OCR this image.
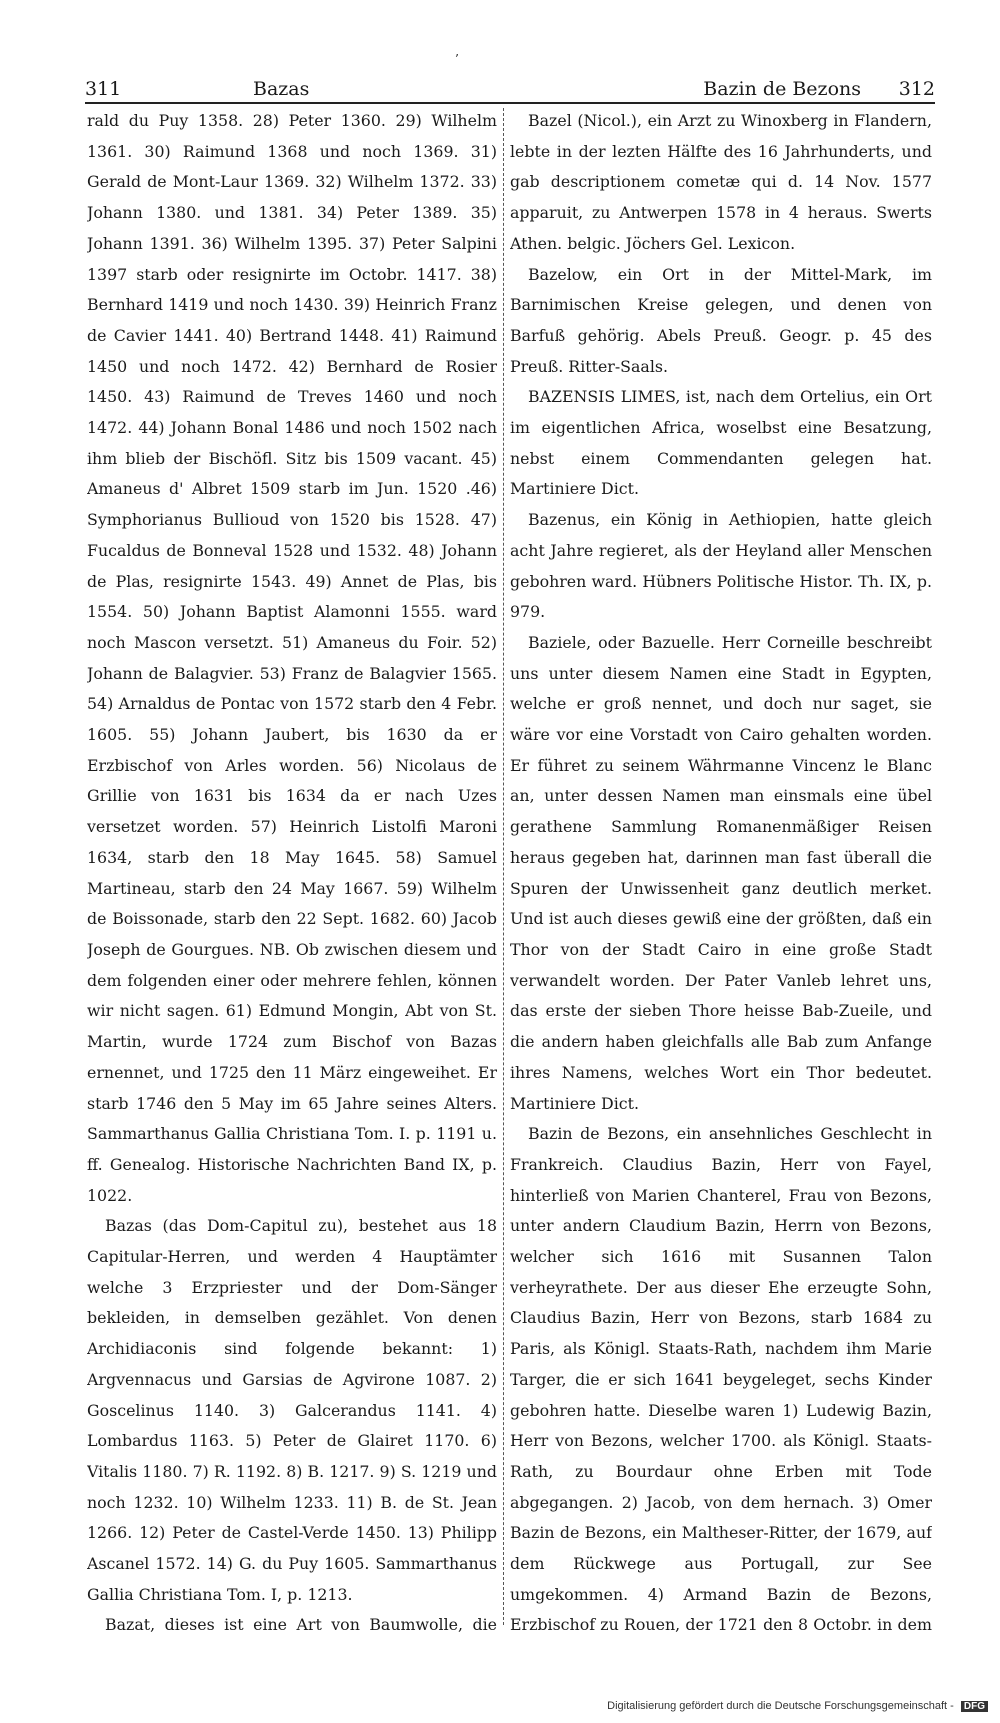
’
311	Bazas	Bazin de Bezons 312

rald du Puy 1358. 28) Peter 1360. 29) Wilhelm 1361. 30) Raimund 1368 und noch 1369. 31) Gerald de Mont-Laur 1369. 32) Wilhelm 1372. 33) Johann 1380. und 1381. 34) Peter 1389. 35) Johann 1391. 36) Wilhelm 1395. 37) Peter Salpini 1397 starb oder resignirte im Octobr. 1417. 38) Bernhard 1419 und noch 1430. 39) Heinrich Franz de Cavier 1441. 40) Bertrand 1448. 41) Raimund 1450 und noch 1472. 42) Bernhard de Rosier 1450. 43) Raimund de Treves 1460 und noch 1472. 44) Johann Bonal 1486 und noch 1502 nach ihm blieb der Bischöfl. Sitz bis 1509 vacant. 45) Amaneus d' Albret 1509 starb im Jun. 1520 .46) Symphorianus Bullioud von 1520 bis 1528. 47) Fucaldus de Bonneval 1528 und 1532. 48) Johann de Plas, resignirte 1543. 49) Annet de Plas, bis 1554. 50) Johann Baptist Alamonni 1555. ward noch Mascon versetzt. 51) Amaneus du Foir. 52) Johann de Balagvier. 53) Franz de Balagvier 1565. 54) Arnaldus de Pontac von 1572 starb den 4 Febr. 1605. 55) Johann Jaubert, bis 1630 da er Erzbischof von Arles worden. 56) Nicolaus de Grillie von 1631 bis 1634 da er nach Uzes versetzet worden. 57) Heinrich Listolfi Maroni 1634, starb den 18 May 1645. 58) Samuel Martineau, starb den 24 May 1667. 59) Wilhelm de Boissonade, starb den 22 Sept. 1682. 60) Jacob Joseph de Gourgues. NB. Ob zwischen diesem und dem folgenden einer oder mehrere fehlen, können wir nicht sagen. 61) Edmund Mongin, Abt von St. Martin, wurde 1724 zum Bischof von Bazas ernennet, und 1725 den 11 März eingeweihet. Er starb 1746 den 5 May im 65 Jahre seines Alters. Sammarthanus Gallia Christiana Tom. I. p. 1191 u. ff. Genealog. Historische Nachrichten Band IX, p. 1022.

Bazas (das Dom-Capitul zu), bestehet aus 18 Capitular-Herren, und werden 4 Hauptämter welche 3 Erzpriester und der Dom-Sänger bekleiden, in demselben gezählet. Von denen Archidiaconis sind folgende bekannt: 1) Argvennacus und Garsias de Agvirone 1087. 2) Goscelinus 1140. 3) Galcerandus 1141. 4) Lombardus 1163. 5) Peter de Glairet 1170. 6) Vitalis 1180. 7) R. 1192. 8) B. 1217. 9) S. 1219 und noch 1232. 10) Wilhelm 1233. 11) B. de St. Jean 1266. 12) Peter de Castel-Verde 1450. 13) Philipp Ascanel 1572. 14) G. du Puy 1605. Sammarthanus Gallia Christiana Tom. I, p. 1213.

Bazat, dieses ist eine Art von Baumwolle, die

Bazel (Nicol.), ein Arzt zu Winoxberg in Flandern, lebte in der lezten Hälfte des 16 Jahrhunderts, und gab descriptionem cometæ qui d. 14 Nov. 1577 apparuit, zu Antwerpen 1578 in 4 heraus. Swerts Athen. belgic. Jöchers Gel. Lexicon.

Bazelow, ein Ort in der Mittel-Mark, im Barnimischen Kreise gelegen, und denen von Barfuß gehörig. Abels Preuß. Geogr. p. 45 des Preuß. Ritter-Saals.

BAZENSIS LIMES, ist, nach dem Ortelius, ein Ort im eigentlichen Africa, woselbst eine Besatzung, nebst einem Commendanten gelegen hat. Martiniere Dict.

Bazenus, ein König in Aethiopien, hatte gleich acht Jahre regieret, als der Heyland aller Menschen gebohren ward. Hübners Politische Histor. Th. IX, p. 979.

Baziele, oder Bazuelle. Herr Corneille beschreibt uns unter diesem Namen eine Stadt in Egypten, welche er groß nennet, und doch nur saget, sie wäre vor eine Vorstadt von Cairo gehalten worden. Er führet zu seinem Währmanne Vincenz le Blanc an, unter dessen Namen man einsmals eine übel gerathene Sammlung Romanenmäßiger Reisen heraus gegeben hat, darinnen man fast überall die Spuren der Unwissenheit ganz deutlich merket. Und ist auch dieses gewiß eine der größten, daß ein Thor von der Stadt Cairo in eine große Stadt verwandelt worden. Der Pater Vanleb lehret uns, das erste der sieben Thore heisse Bab-Zueile, und die andern haben gleichfalls alle Bab zum Anfange ihres Namens, welches Wort ein Thor bedeutet. Martiniere Dict.

Bazin de Bezons, ein ansehnliches Geschlecht in Frankreich. Claudius Bazin, Herr von Fayel, hinterließ von Marien Chanterel, Frau von Bezons, unter andern Claudium Bazin, Herrn von Bezons, welcher sich 1616 mit Susannen Talon verheyrathete. Der aus dieser Ehe erzeugte Sohn, Claudius Bazin, Herr von Bezons, starb 1684 zu Paris, als Königl. Staats-Rath, nachdem ihm Marie Targer, die er sich 1641 beygeleget, sechs Kinder gebohren hatte. Dieselbe waren 1) Ludewig Bazin, Herr von Bezons, welcher 1700. als Königl. Staats-Rath, zu Bourdaur ohne Erben mit Tode abgegangen. 2) Jacob, von dem hernach. 3) Omer Bazin de Bezons, ein Maltheser-Ritter, der 1679, auf dem Rückwege aus Portugall, zur See umgekommen. 4) Armand Bazin de Bezons, Erzbischof zu Rouen, der 1721 den 8 Octobr. in dem

Digitalisierung gefördert durch die Deutsche Forschungsgemeinschaft - DFG
